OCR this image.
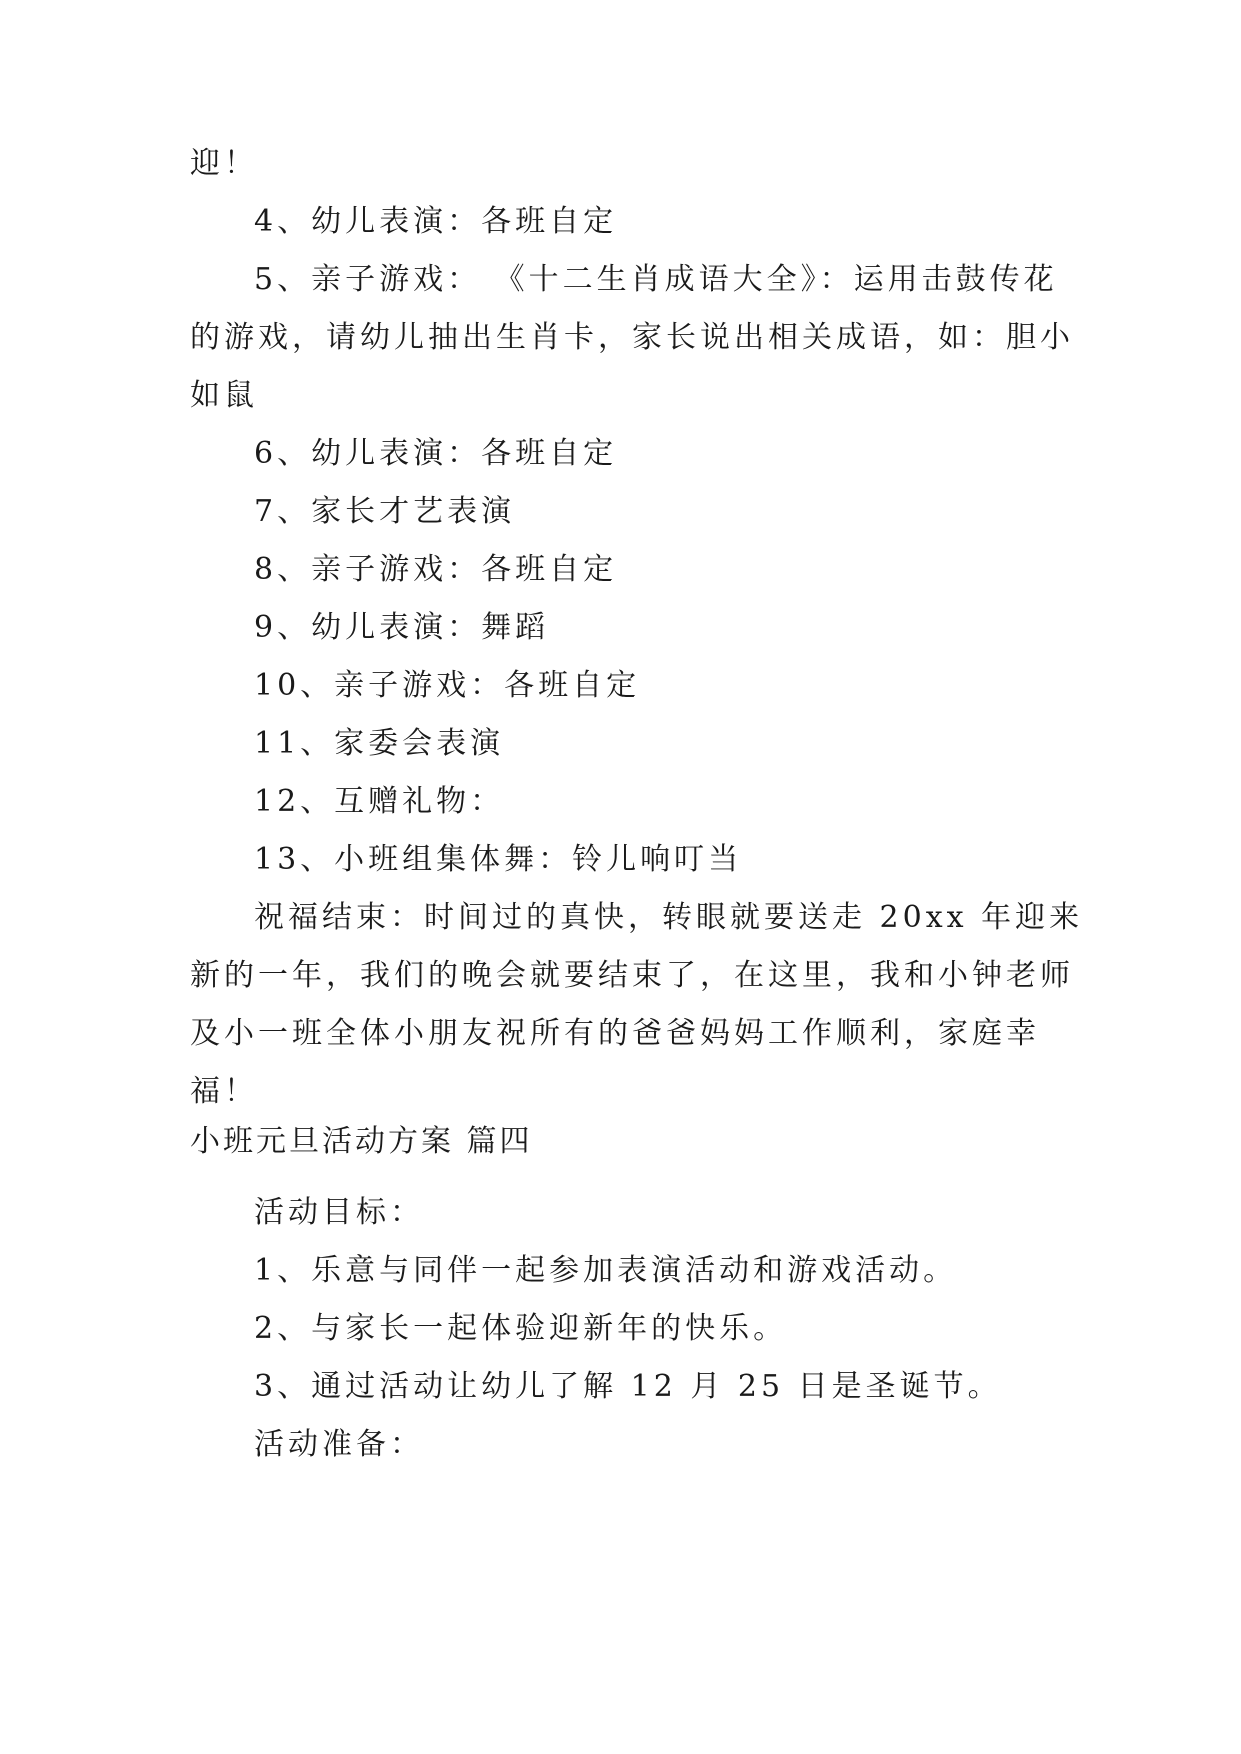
迎！

4、幼儿表演：各班自定

5、亲子游戏： 《十二生肖成语大全》：运用击鼓传花

的游戏，请幼儿抽出生肖卡，家长说出相关成语，如：胆小

如鼠

6、幼儿表演：各班自定

7、家长才艺表演

8、亲子游戏：各班自定

9、幼儿表演：舞蹈

10、亲子游戏：各班自定

11、家委会表演

12、互赠礼物：

13、小班组集体舞：铃儿响叮当

祝福结束：时间过的真快，转眼就要送走 20xx 年迎来

新的一年，我们的晚会就要结束了，在这里，我和小钟老师

及小一班全体小朋友祝所有的爸爸妈妈工作顺利，家庭幸

福！

小班元旦活动方案 篇四

活动目标：

1、乐意与同伴一起参加表演活动和游戏活动。

2、与家长一起体验迎新年的快乐。

3、通过活动让幼儿了解 12 月 25 日是圣诞节。

活动准备：
